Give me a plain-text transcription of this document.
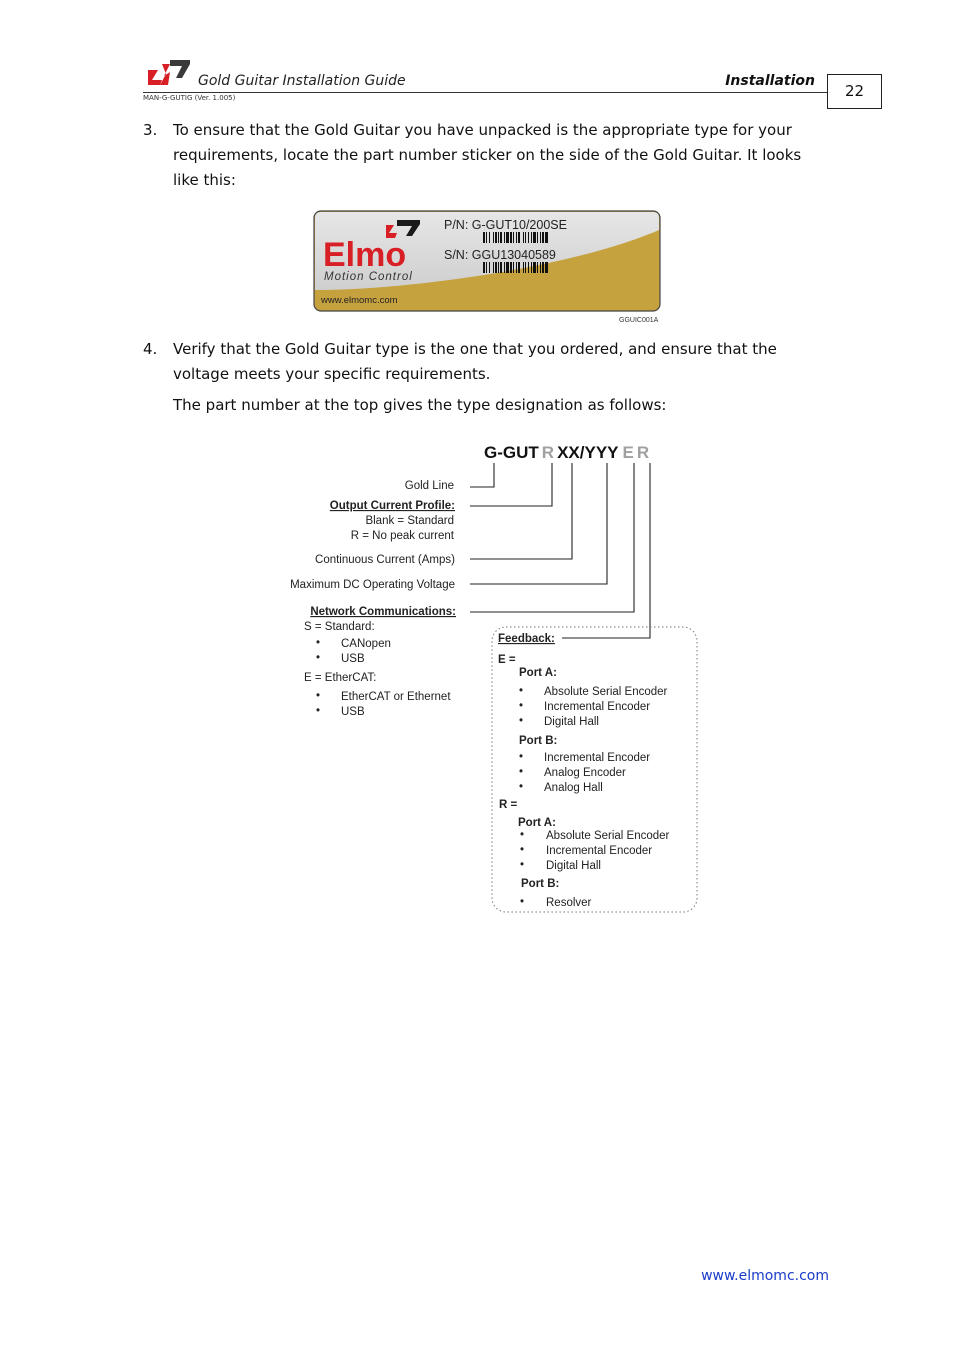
Gold Guitar Installation Guide	Installation
MAN-G-GUTIG (Ver. 1.005)	22
3.	To ensure that the Gold Guitar you have unpacked is the appropriate type for your requirements, locate the part number sticker on the side of the Gold Guitar. It looks like this:
Elmo
Motion Control
P/N: G-GUT10/200SE
S/N: GGU13040589
www.elmomc.com
GGUIC001A
4.	Verify that the Gold Guitar type is the one that you ordered, and ensure that the voltage meets your specific requirements.
The part number at the top gives the type designation as follows:
G-GUT R XX/YYY E R
Gold Line
Output Current Profile:
Blank = Standard
R = No peak current
Continuous Current (Amps)
Maximum DC Operating Voltage
Network Communications:
S = Standard:
• CANopen
• USB
E = EtherCAT:
• EtherCAT or Ethernet
• USB
Feedback:
E =
Port A:
• Absolute Serial Encoder
• Incremental Encoder
• Digital Hall
Port B:
• Incremental Encoder
• Analog Encoder
• Analog Hall
R =
Port A:
• Absolute Serial Encoder
• Incremental Encoder
• Digital Hall
Port B:
• Resolver
www.elmomc.com
